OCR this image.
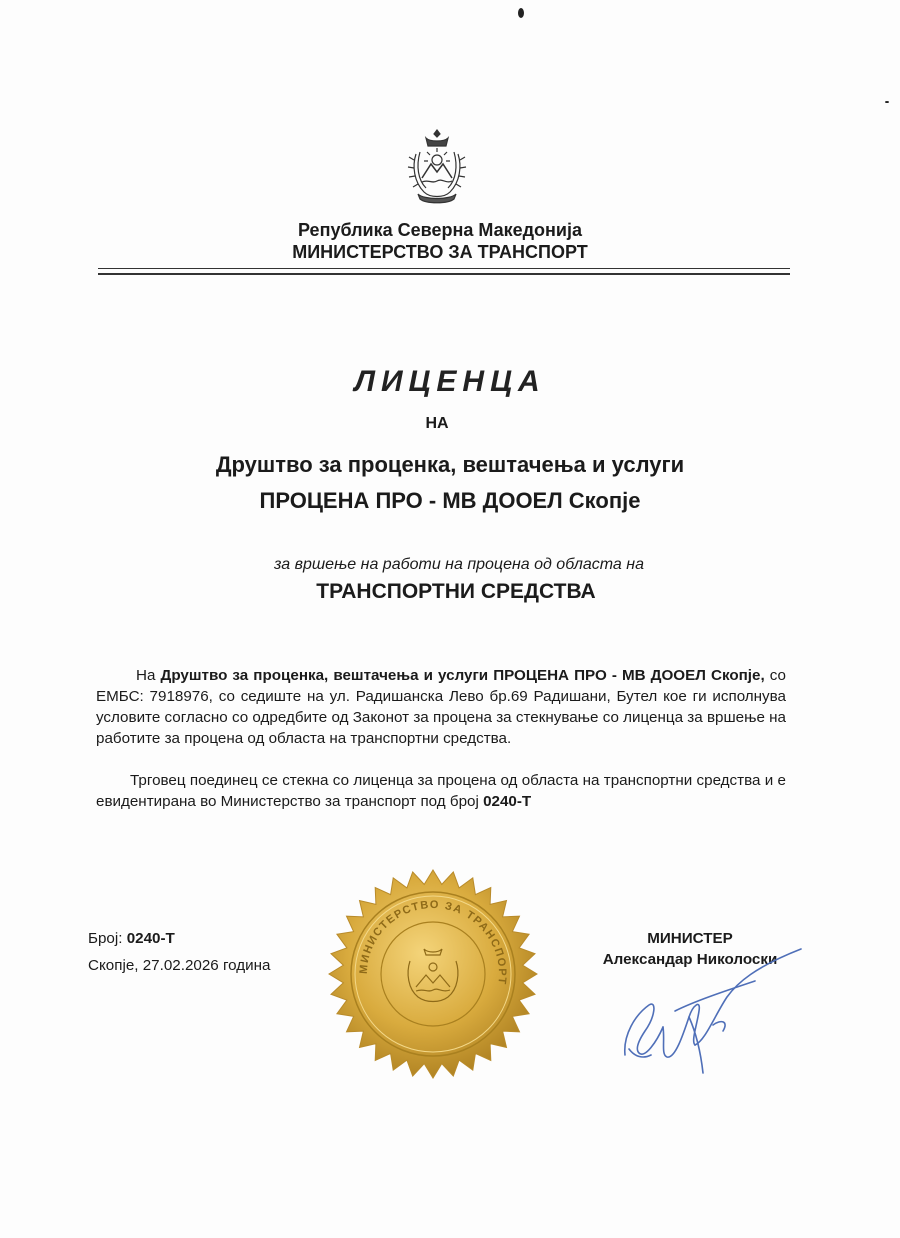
Република Северна Македонија
МИНИСТЕРСТВО ЗА ТРАНСПОРТ
ЛИЦЕНЦА
НА
Друштво за проценка, вештачења и услуги
ПРОЦЕНА ПРО - МВ ДООЕЛ Скопје
за вршење на работи на процена од областа на
ТРАНСПОРТНИ СРЕДСТВА
На Друштво за проценка, вештачења и услуги ПРОЦЕНА ПРО - МВ ДООЕЛ Скопје, со ЕМБС: 7918976, со седиште на ул. Радишанска Лево бр.69 Радишани, Бутел кое ги исполнува условите согласно со одредбите од Законот за процена за стекнување со лиценца за вршење на работите за процена од областа на транспортни средства.
Трговец поединец се стекна со лиценца за процена од областа на транспортни средства и е евидентирана во Министерство за транспорт под број 0240-Т
Број: 0240-Т
Скопје, 27.02.2026 година	МИНИСТЕРСТВО ЗА ТРАНСПОРТ
МИНИСТЕР
Александар Николоски
